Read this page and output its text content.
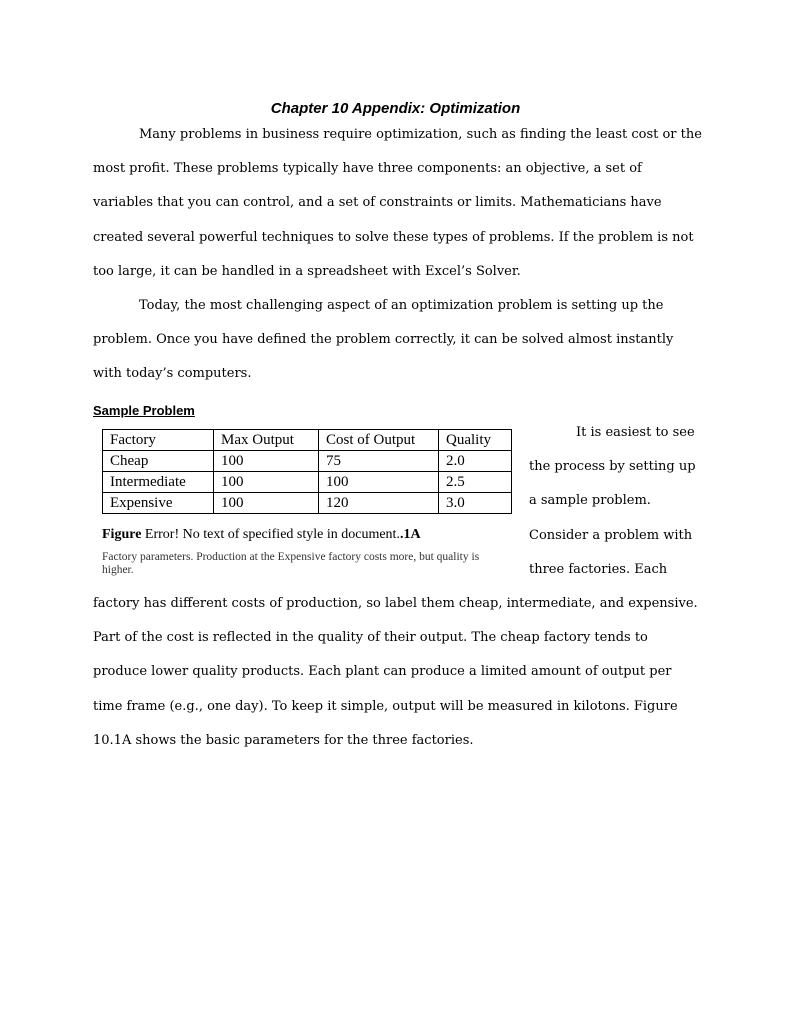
Chapter 10 Appendix: Optimization

Many problems in business require optimization, such as finding the least cost or the most profit. These problems typically have three components: an objective, a set of variables that you can control, and a set of constraints or limits. Mathematicians have created several powerful techniques to solve these types of problems. If the problem is not too large, it can be handled in a spreadsheet with Excel’s Solver.

Today, the most challenging aspect of an optimization problem is setting up the problem. Once you have defined the problem correctly, it can be solved almost instantly with today’s computers.

Sample Problem
Factory	Max Output	Cost of Output	Quality
Cheap	100	75	2.0
Intermediate	100	100	2.5
Expensive	100	120	3.0
Figure Error! No text of specified style in document..1A
Factory parameters. Production at the Expensive factory costs more, but quality is higher.
It is easiest to see
the process by setting up
a sample problem.
Consider a problem with
three factories. Each

factory has different costs of production, so label them cheap, intermediate, and expensive. Part of the cost is reflected in the quality of their output. The cheap factory tends to produce lower quality products. Each plant can produce a limited amount of output per time frame (e.g., one day). To keep it simple, output will be measured in kilotons. Figure 10.1A shows the basic parameters for the three factories.
